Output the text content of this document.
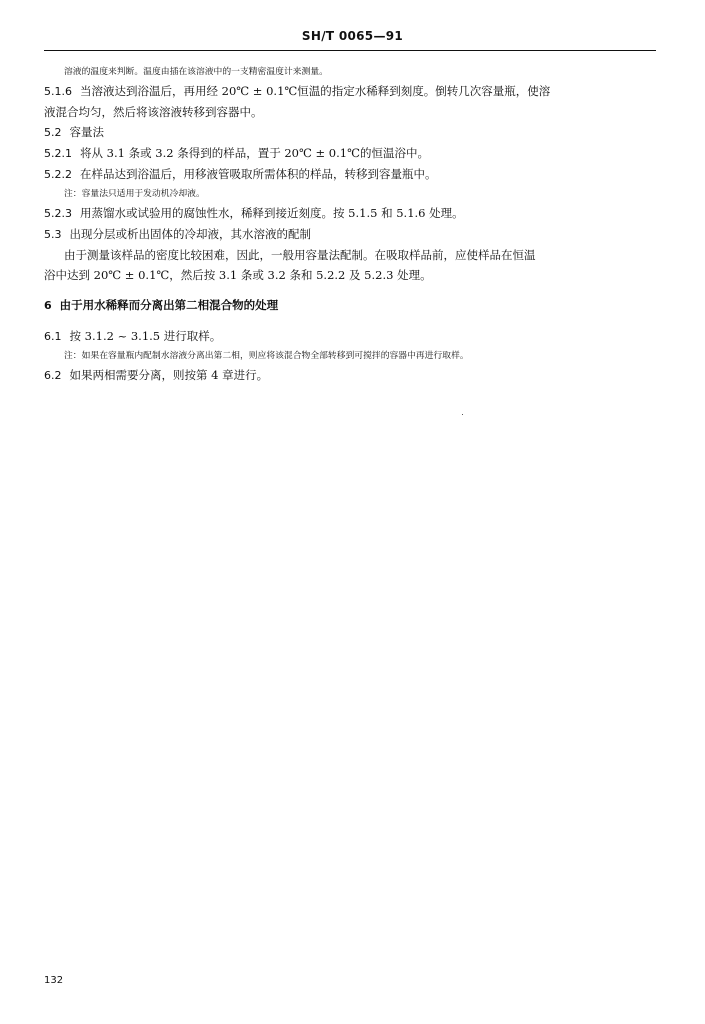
SH/T 0065—91
溶液的温度来判断。温度由插在该溶液中的一支精密温度计来测量。
5.1.6 当溶液达到浴温后，再用经 20℃ ± 0.1℃恒温的指定水稀释到刻度。倒转几次容量瓶，使溶
液混合均匀，然后将该溶液转移到容器中。
5.2 容量法
5.2.1 将从 3.1 条或 3.2 条得到的样品，置于 20℃ ± 0.1℃的恒温浴中。
5.2.2 在样品达到浴温后，用移液管吸取所需体积的样品，转移到容量瓶中。
注：容量法只适用于发动机冷却液。
5.2.3 用蒸馏水或试验用的腐蚀性水，稀释到接近刻度。按 5.1.5 和 5.1.6 处理。
5.3 出现分层或析出固体的冷却液，其水溶液的配制
由于测量该样品的密度比较困难，因此，一般用容量法配制。在吸取样品前，应使样品在恒温
浴中达到 20℃ ± 0.1℃，然后按 3.1 条或 3.2 条和 5.2.2 及 5.2.3 处理。
6 由于用水稀释而分离出第二相混合物的处理
6.1 按 3.1.2 ~ 3.1.5 进行取样。
注：如果在容量瓶内配制水溶液分离出第二相，则应将该混合物全部转移到可搅拌的容器中再进行取样。
6.2 如果两相需要分离，则按第 4 章进行。
132
